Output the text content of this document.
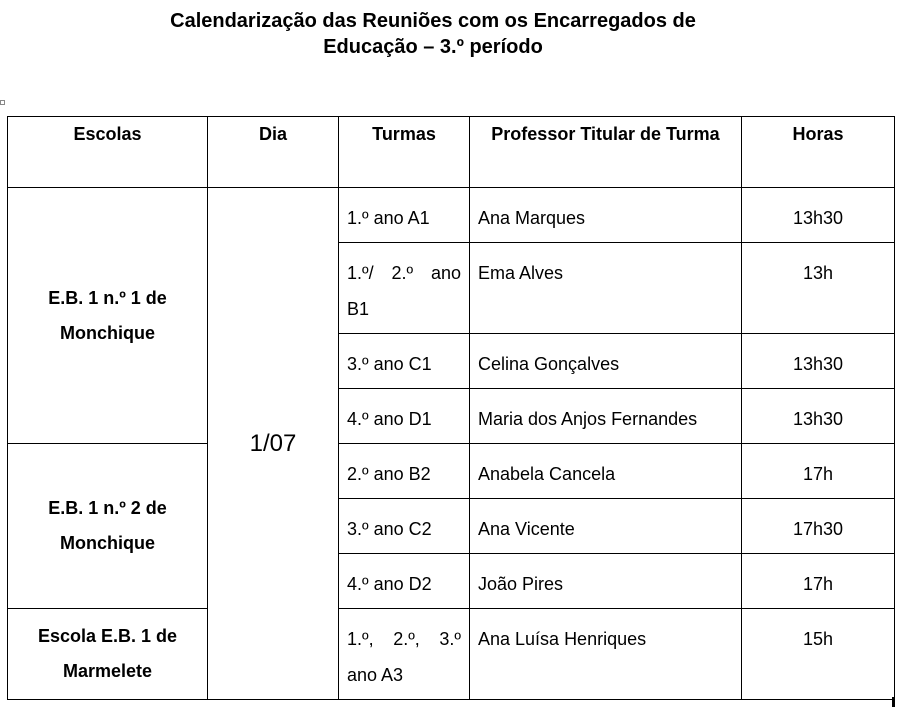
Calendarização das Reuniões com os Encarregados de
Educação – 3.º período
Escolas	Dia	Turmas	Professor Titular de Turma	Horas
E.B. 1 n.º 1 de Monchique	1/07	1.º ano A1	Ana Marques	13h30
		1.º/ 2.º ano B1	Ema Alves	13h
		3.º ano C1	Celina Gonçalves	13h30
		4.º ano D1	Maria dos Anjos Fernandes	13h30
E.B. 1 n.º 2 de Monchique		2.º ano B2	Anabela Cancela	17h
		3.º ano C2	Ana Vicente	17h30
		4.º ano D2	João Pires	17h
Escola E.B. 1 de Marmelete		1.º, 2.º, 3.º ano A3	Ana Luísa Henriques	15h
